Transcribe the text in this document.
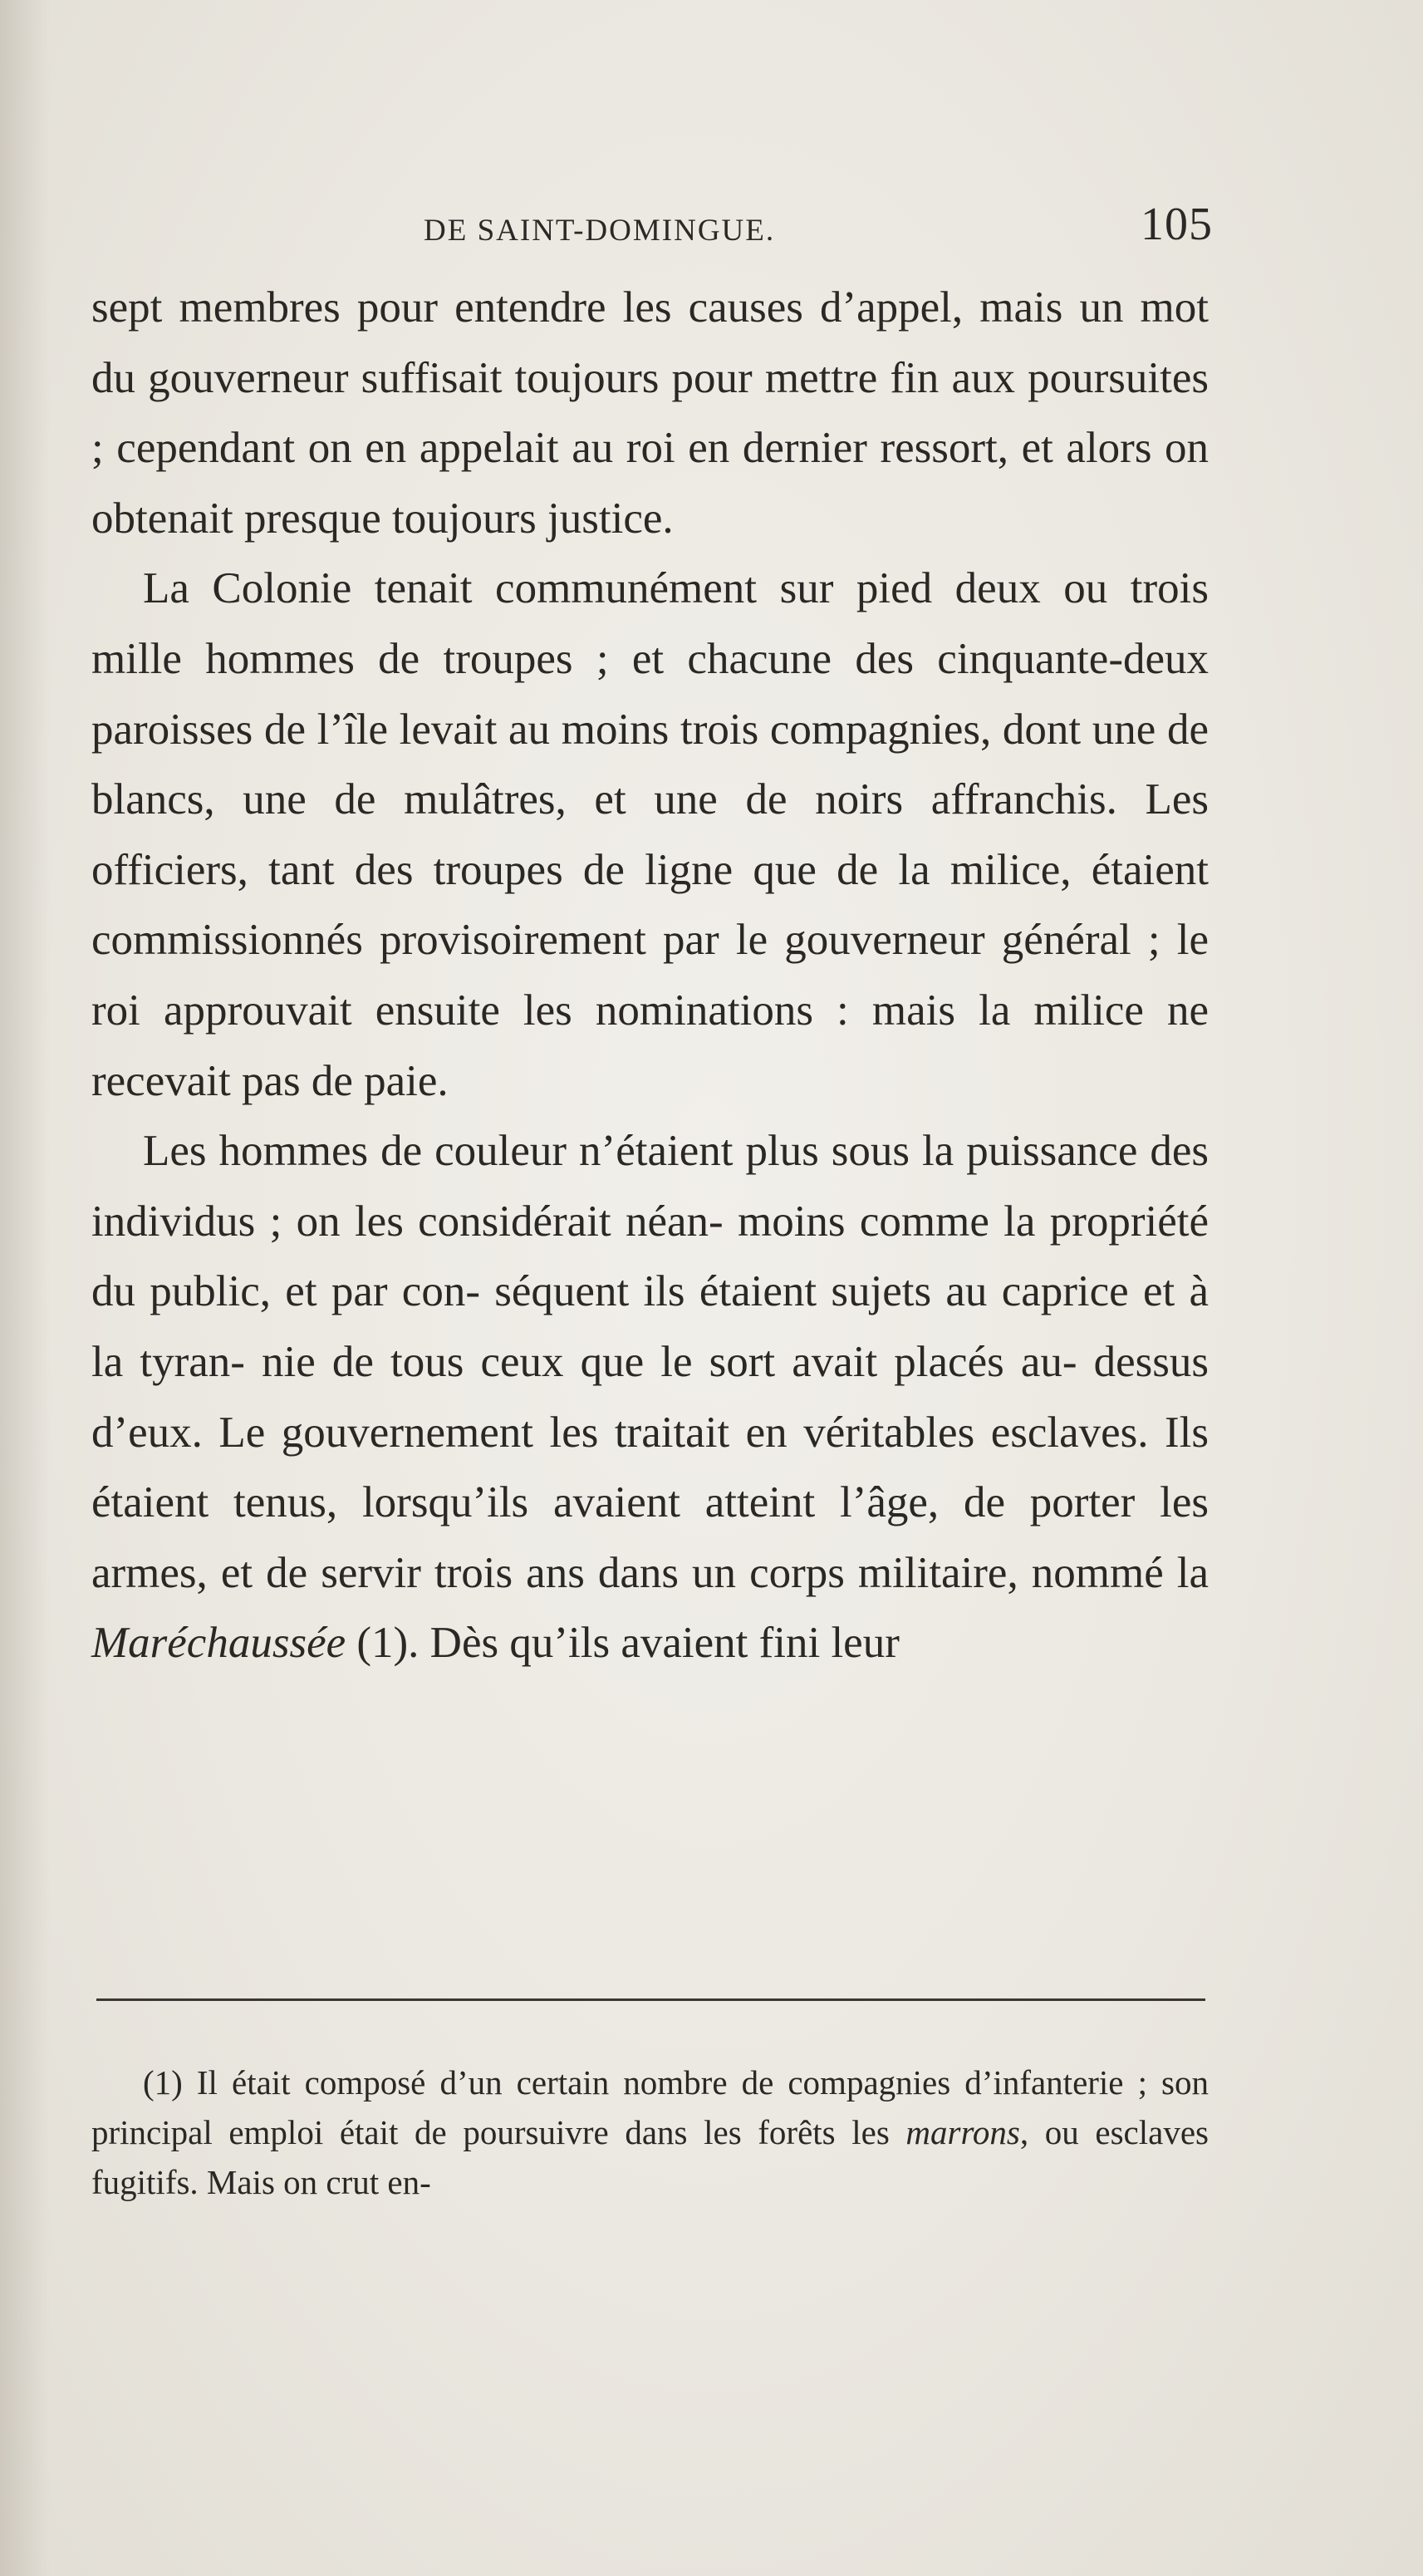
DE SAINT-DOMINGUE.	105

sept membres pour entendre les causes d’appel, mais un mot du gouverneur suffisait toujours pour mettre fin aux poursuites ; cependant on en appelait au roi en dernier ressort, et alors on obtenait presque toujours justice.

La Colonie tenait communément sur pied deux ou trois mille hommes de troupes ; et chacune des cinquante-deux paroisses de l’île levait au moins trois compagnies, dont une de blancs, une de mulâtres, et une de noirs affranchis. Les officiers, tant des troupes de ligne que de la milice, étaient commissionnés provisoirement par le gouverneur général ; le roi approuvait ensuite les nominations : mais la milice ne recevait pas de paie.

Les hommes de couleur n’étaient plus sous la puissance des individus ; on les considérait néan- moins comme la propriété du public, et par con- séquent ils étaient sujets au caprice et à la tyran- nie de tous ceux que le sort avait placés au- dessus d’eux. Le gouvernement les traitait en véritables esclaves. Ils étaient tenus, lorsqu’ils avaient atteint l’âge, de porter les armes, et de servir trois ans dans un corps militaire, nommé la Maréchaussée (1). Dès qu’ils avaient fini leur

(1) Il était composé d’un certain nombre de compagnies d’infanterie ; son principal emploi était de poursuivre dans les forêts les marrons, ou esclaves fugitifs. Mais on crut en-
